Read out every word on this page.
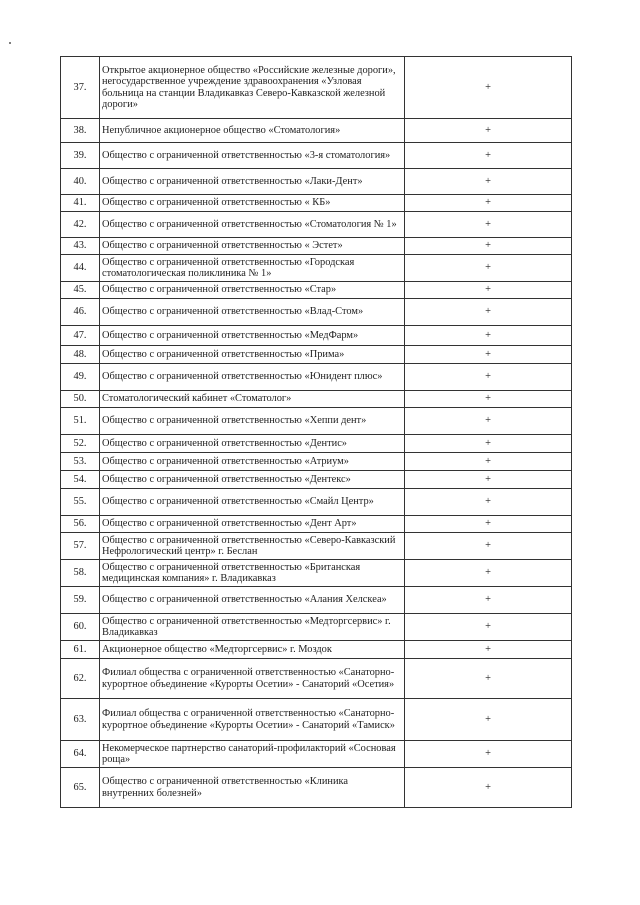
37.	Открытое акционерное общество «Российские железные дороги», негосударственное учреждение здравоохранения «Узловая больница на станции Владикавказ Северо-Кавказской железной дороги»	+
38.	Непубличное акционерное общество «Стоматология»	+
39.	Общество с ограниченной ответственностью «3-я стоматология»	+
40.	Общество с ограниченной ответственностью «Лаки-Дент»	+
41.	Общество с ограниченной ответственностью « КБ»	+
42.	Общество с ограниченной ответственностью «Стоматология № 1»	+
43.	Общество с ограниченной ответственностью « Эстет»	+
44.	Общество с ограниченной ответственностью «Городская стоматологическая поликлиника № 1»	+
45.	Общество с ограниченной ответственностью «Стар»	+
46.	Общество с ограниченной ответственностью «Влад-Стом»	+
47.	Общество с ограниченной ответственностью «МедФарм»	+
48.	Общество с ограниченной ответственностью «Прима»	+
49.	Общество с ограниченной ответственностью «Юнидент плюс»	+
50.	Стоматологический кабинет «Стоматолог»	+
51.	Общество с ограниченной ответственностью «Хеппи дент»	+
52.	Общество с ограниченной ответственностью «Дентис»	+
53.	Общество с ограниченной ответственностью «Атриум»	+
54.	Общество с ограниченной ответственностью «Дентекс»	+
55.	Общество с ограниченной ответственностью «Смайл Центр»	+
56.	Общество с ограниченной ответственностью «Дент Арт»	+
57.	Общество с ограниченной ответственностью «Северо-Кавказский Нефрологический центр» г. Беслан	+
58.	Общество с ограниченной ответственностью «Британская медицинская компания» г. Владикавказ	+
59.	Общество с ограниченной ответственностью «Алания Хелскеа»	+
60.	Общество с ограниченной ответственностью «Медторгсервис» г. Владикавказ	+
61.	Акционерное общество «Медторгсервис» г. Моздок	+
62.	Филиал общества с ограниченной ответственностью «Санаторно-курортное объединение «Курорты Осетии» - Санаторий «Осетия»	+
63.	Филиал общества с ограниченной ответственностью «Санаторно-курортное объединение «Курорты Осетии» - Санаторий «Тамиск»	+
64.	Некомерческое партнерство санаторий-профилакторий «Сосновая роща»	+
65.	Общество с ограниченной ответственностью «Клиника внутренних болезней»	+
